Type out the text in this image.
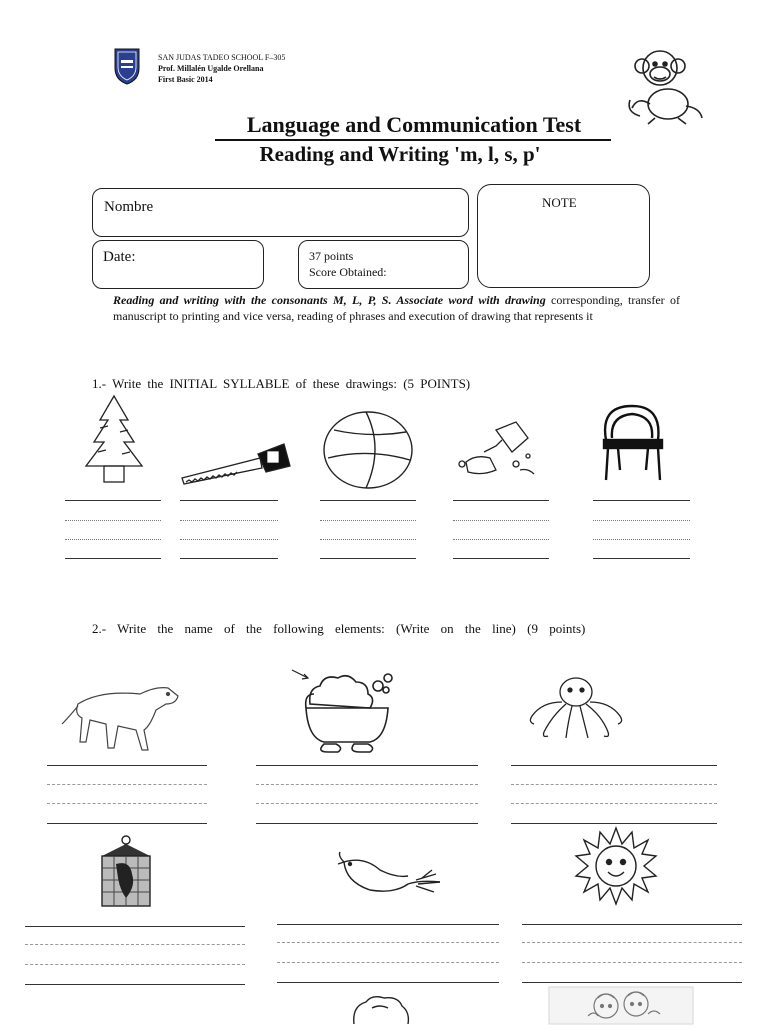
SAN JUDAS TADEO SCHOOL F–305
Prof. Millalén Ugalde Orellana
First Basic 2014
Language and Communication Test
Reading and Writing 'm, l, s, p'
Nombre	NOTE
Date:	37 points
Score Obtained:
Reading and writing with the consonants M, L, P, S. Associate word with drawing corresponding, transfer of manuscript to printing and vice versa, reading of phrases and execution of drawing that represents it
1.- Write the INITIAL SYLLABLE of these drawings: (5 POINTS)
2.- Write the name of the following elements: (Write on the line) (9 points)
